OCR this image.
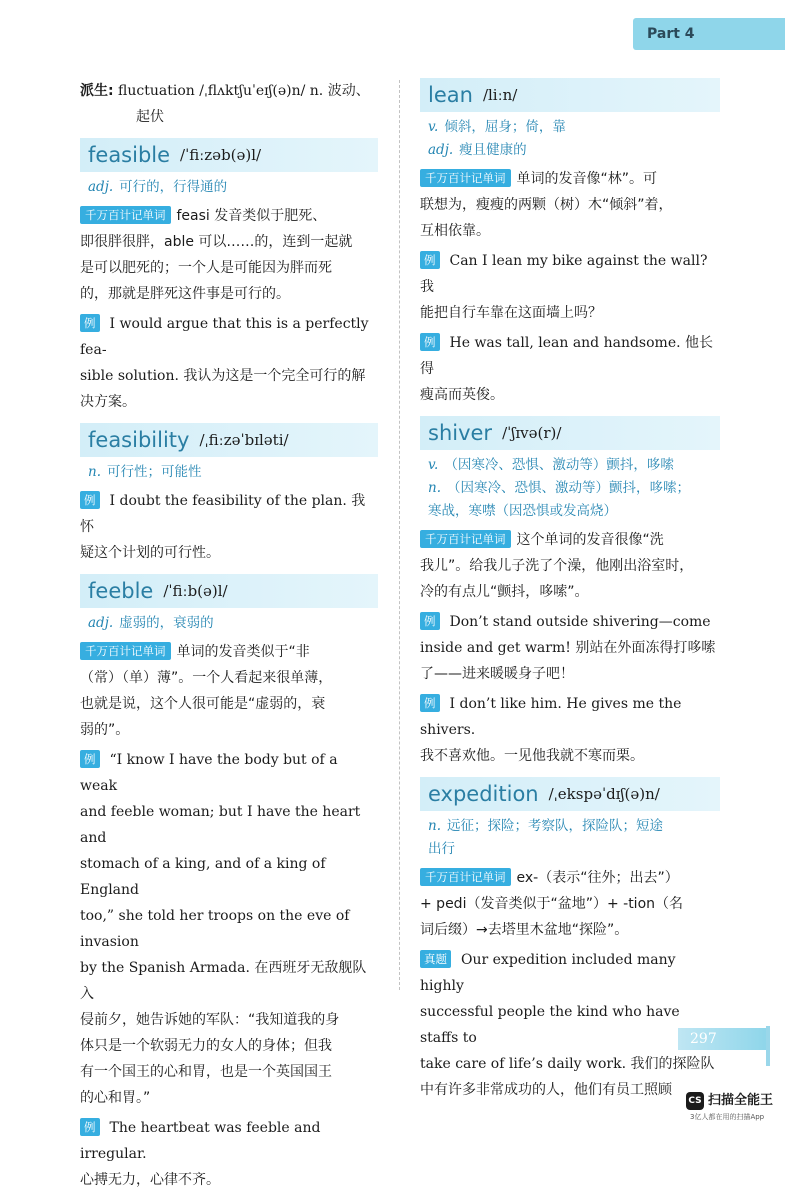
Part 4

派生: fluctuation /ˌflʌktʃuˈeɪʃ(ə)n/ n. 波动、

起伏

feasible /ˈfiːzəb(ə)l/

adj. 可行的，行得通的

千万百计记单词 feasi 发音类似于肥死、

即很胖很胖，able 可以……的，连到一起就

是可以肥死的；一个人是可能因为胖而死

的，那就是胖死这件事是可行的。

例 I would argue that this is a perfectly fea-

sible solution. 我认为这是一个完全可行的解

决方案。

feasibility /ˌfiːzəˈbɪləti/

n. 可行性；可能性

例 I doubt the feasibility of the plan. 我怀

疑这个计划的可行性。

feeble /ˈfiːb(ə)l/

adj. 虚弱的，衰弱的

千万百计记单词 单词的发音类似于“非

（常）（单）薄”。一个人看起来很单薄，

也就是说，这个人很可能是“虚弱的，衰

弱的”。

例 “I know I have the body but of a weak

and feeble woman; but I have the heart and

stomach of a king, and of a king of England

too,” she told her troops on the eve of invasion

by the Spanish Armada. 在西班牙无敌舰队入

侵前夕，她告诉她的军队：“我知道我的身

体只是一个软弱无力的女人的身体；但我

有一个国王的心和胃，也是一个英国国王

的心和胃。”

例 The heartbeat was feeble and irregular.

心搏无力，心律不齐。

lean /liːn/

v. 倾斜，屈身；倚，靠

adj. 瘦且健康的

千万百计记单词 单词的发音像“林”。可

联想为，瘦瘦的两颗（树）木“倾斜”着，

互相依靠。

例 Can I lean my bike against the wall? 我

能把自行车靠在这面墙上吗？

例 He was tall, lean and handsome. 他长得

瘦高而英俊。

shiver /ˈʃɪvə(r)/

v. （因寒冷、恐惧、激动等）颤抖，哆嗦

n. （因寒冷、恐惧、激动等）颤抖，哆嗦；

寒战，寒噤（因恐惧或发高烧）

千万百计记单词 这个单词的发音很像“洗

我儿”。给我儿子洗了个澡，他刚出浴室时，

冷的有点儿“颤抖，哆嗦”。

例 Don’t stand outside shivering—come

inside and get warm! 别站在外面冻得打哆嗦

了——进来暖暖身子吧！

例 I don’t like him. He gives me the shivers.

我不喜欢他。一见他我就不寒而栗。

expedition /ˌekspəˈdɪʃ(ə)n/

n. 远征；探险；考察队，探险队；短途

出行

千万百计记单词 ex-（表示“往外；出去”）

+ pedi（发音类似于“盆地”）+ -tion（名

词后缀）→去塔里木盆地“探险”。

真题 Our expedition included many highly

successful people the kind who have staffs to

take care of life’s daily work. 我们的探险队

中有许多非常成功的人，他们有员工照顾

297
CS 扫描全能王
3亿人都在用的扫描App
